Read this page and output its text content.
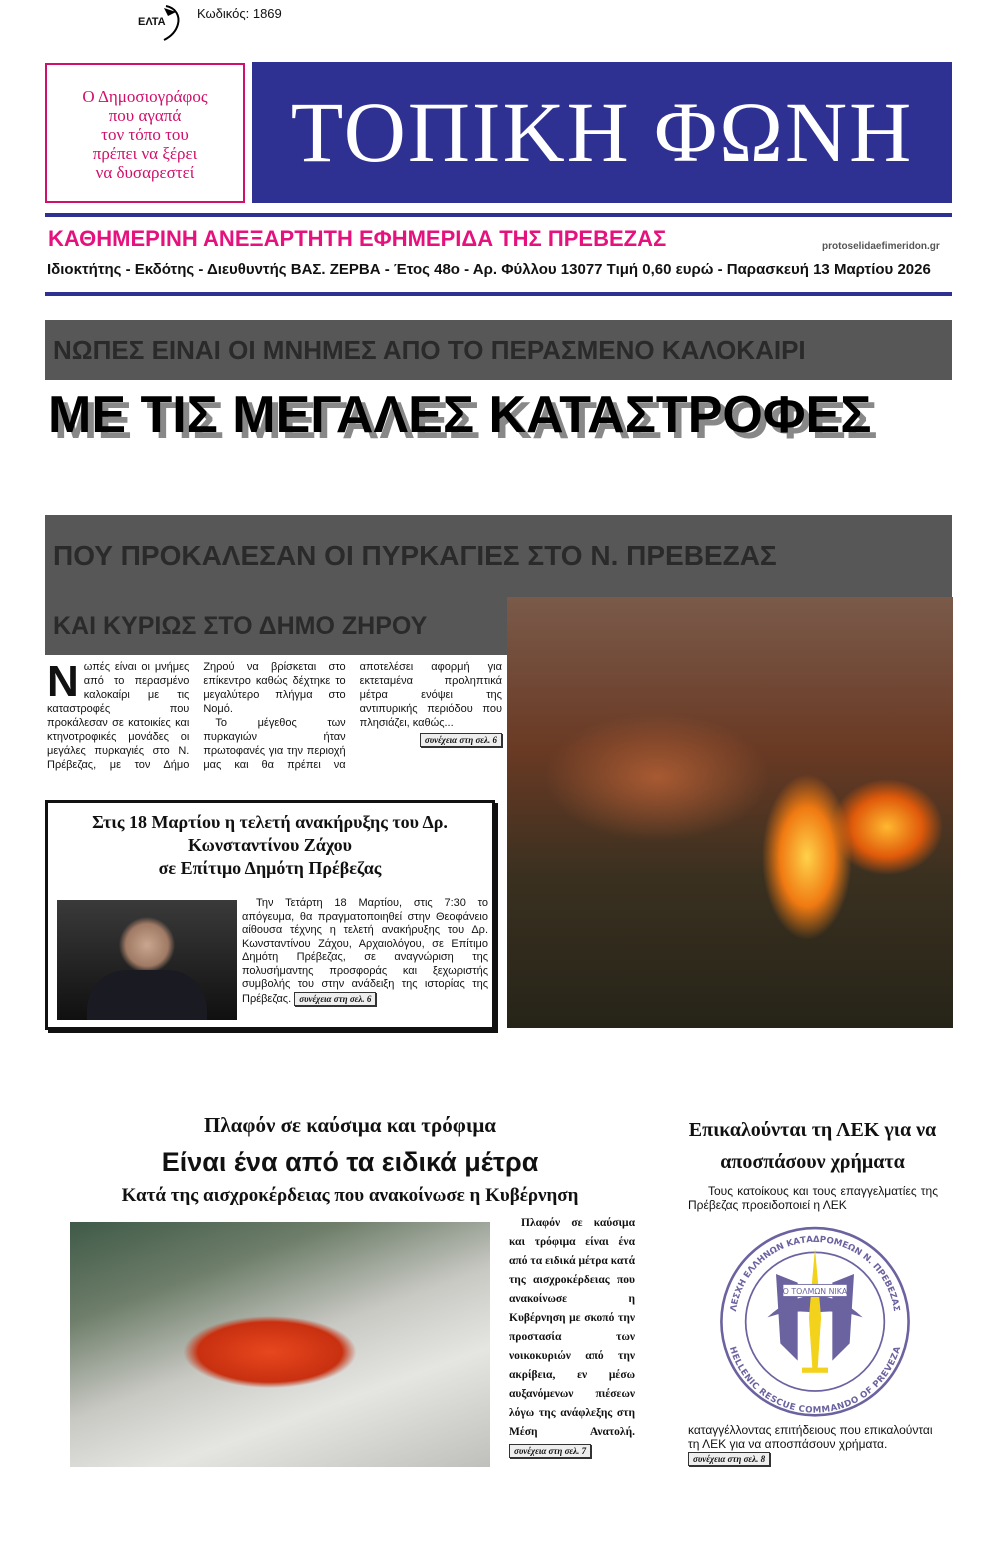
ΕΛΤΑ
Κωδικός: 1869
Ο Δημοσιογράφος
που αγαπά
τον τόπο του
πρέπει να ξέρει
να δυσαρεστεί	ΤΟΠΙΚΗ ΦΩΝΗ
ΚΑΘΗΜΕΡΙΝΗ ΑΝΕΞΑΡΤΗΤΗ ΕΦΗΜΕΡΙΔΑ ΤΗΣ ΠΡΕΒΕΖΑΣ	protoselidaefimeridon.gr
Ιδιοκτήτης - Εκδότης - Διευθυντής ΒΑΣ. ΖΕΡΒΑ - Έτος 48ο - Αρ. Φύλλου 13077 Τιμή 0,60 ευρώ - Παρασκευή 13 Μαρτίου 2026
ΝΩΠΕΣ ΕΙΝΑΙ ΟΙ ΜΝΗΜΕΣ ΑΠΟ ΤΟ ΠΕΡΑΣΜΕΝΟ ΚΑΛΟΚΑΙΡΙ
ΜΕ ΤΙΣ ΜΕΓΑΛΕΣ ΚΑΤΑΣΤΡΟΦΕΣ
ΠΟΥ ΠΡΟΚΑΛΕΣΑΝ ΟΙ ΠΥΡΚΑΓΙΕΣ ΣΤΟ Ν. ΠΡΕΒΕΖΑΣ
ΚΑΙ ΚΥΡΙΩΣ ΣΤΟ ΔΗΜΟ ΖΗΡΟΥ

Νωπές είναι οι μνήμες από το περασμένο καλοκαίρι με τις καταστροφές που προκάλεσαν σε κατοικίες και κτηνοτροφικές μονάδες οι μεγάλες πυρκαγιές στο Ν. Πρέβεζας, με τον Δήμο Ζηρού να βρίσκεται στο επίκεντρο καθώς δέχτηκε το μεγαλύτερο πλήγμα στο Νομό.

Το μέγεθος των πυρκαγιών ήταν πρωτοφανές για την περιοχή μας και θα πρέπει να αποτελέσει αφορμή για εκτεταμένα προληπτικά μέτρα ενόψει της αντιπυρικής περιόδου που πλησιάζει, καθώς...

συνέχεια στη σελ. 6
Στις 18 Μαρτίου η τελετή ανακήρυξης του Δρ. Κωνσταντίνου Ζάχου
σε Επίτιμο Δημότη Πρέβεζας
Την Τετάρτη 18 Μαρτίου, στις 7:30 το απόγευμα, θα πραγματοποιηθεί στην Θεοφάνειο αίθουσα τέχνης η τελετή ανακήρυξης του Δρ. Κωνσταντίνου Ζάχου, Αρχαιολόγου, σε Επίτιμο Δημότη Πρέβεζας, σε αναγνώριση της πολυσήμαντης προσφοράς και ξεχωριστής συμβολής του στην ανάδειξη της ιστορίας της Πρέβεζας. συνέχεια στη σελ. 6
Πλαφόν σε καύσιμα και τρόφιμα
Είναι ένα από τα ειδικά μέτρα
Κατά της αισχροκέρδειας που ανακοίνωσε η Κυβέρνηση
Πλαφόν σε καύσιμα και τρόφιμα είναι ένα από τα ειδικά μέτρα κατά της αισχροκέρδειας που ανακοίνωσε η Κυβέρνηση με σκοπό την προστασία των νοικοκυριών από την ακρίβεια, εν μέσω αυξανόμενων πιέσεων λόγω της ανάφλεξης στη Μέση Ανατολή. συνέχεια στη σελ. 7
Επικαλούνται τη ΛΕΚ για να αποσπάσουν χρήματα
Τους κατοίκους και τους επαγγελματίες της Πρέβεζας προειδοποιεί η ΛΕΚ
ΛΕΣΧΗ ΕΛΛΗΝΩΝ ΚΑΤΑΔΡΟΜΕΩΝ Ν. ΠΡΕΒΕΖΑΣ
HELLENIC RESCUE COMMANDO OF PREVEZA
Ο ΤΟΛΜΩΝ ΝΙΚΑ
καταγγέλλοντας επιτήδειους που επικαλούνται τη ΛΕΚ για να αποσπάσουν χρήματα. συνέχεια στη σελ. 8
